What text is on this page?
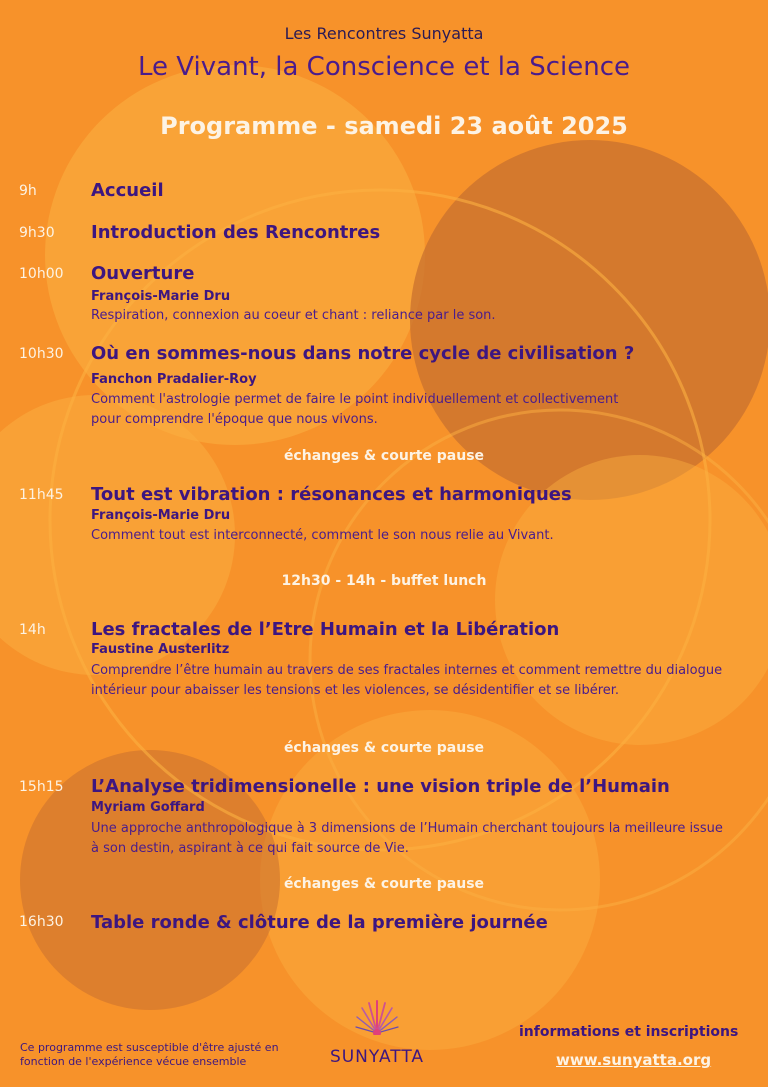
Les Rencontres Sunyatta
Le Vivant, la Conscience et la Science
Programme - samedi 23 août 2025
9h	Accueil
9h30 Introduction des Rencontres
10h00 Ouverture
François-Marie Dru
Respiration, connexion au coeur et chant : reliance par le son.
10h30 Où en sommes-nous dans notre cycle de civilisation ?
Fanchon Pradalier-Roy
Comment l'astrologie permet de faire le point individuellement et collectivement pour comprendre l'époque que nous vivons.
échanges & courte pause
11h45 Tout est vibration : résonances et harmoniques
François-Marie Dru
Comment tout est interconnecté, comment le son nous relie au Vivant.
12h30 - 14h - buffet lunch
14h	Les fractales de l’Etre Humain et la Libération
Faustine Austerlitz
Comprendre l’être humain au travers de ses fractales internes et comment remettre du dialogue intérieur pour abaisser les tensions et les violences, se désidentifier et se libérer.
échanges & courte pause
15h15 L’Analyse tridimensionelle : une vision triple de l’Humain
Myriam Goffard
Une approche anthropologique à 3 dimensions de l’Humain cherchant toujours la meilleure issue à son destin, aspirant à ce qui fait source de Vie.
échanges & courte pause
16h30 Table ronde & clôture de la première journée
Ce programme est susceptible d'être ajusté en fonction de l'expérience vécue ensemble	SUNYATTA
informations et inscriptions
www.sunyatta.org
